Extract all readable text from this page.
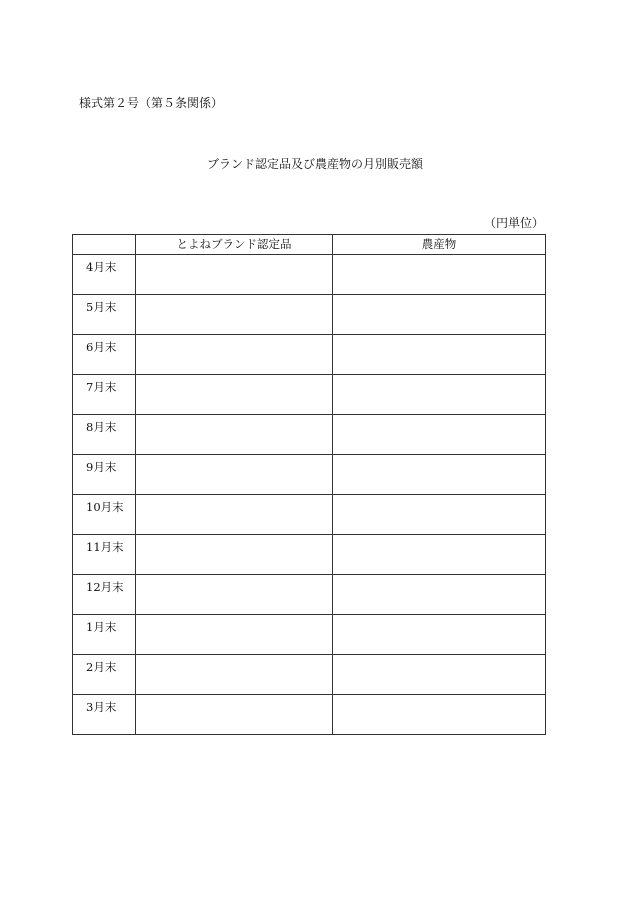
様式第２号（第５条関係）
ブランド認定品及び農産物の月別販売額
（円単位）
	とよねブランド認定品	農産物
4月末		
5月末		
6月末		
7月末		
8月末		
9月末		
10月末		
11月末		
12月末		
1月末		
2月末		
3月末		
